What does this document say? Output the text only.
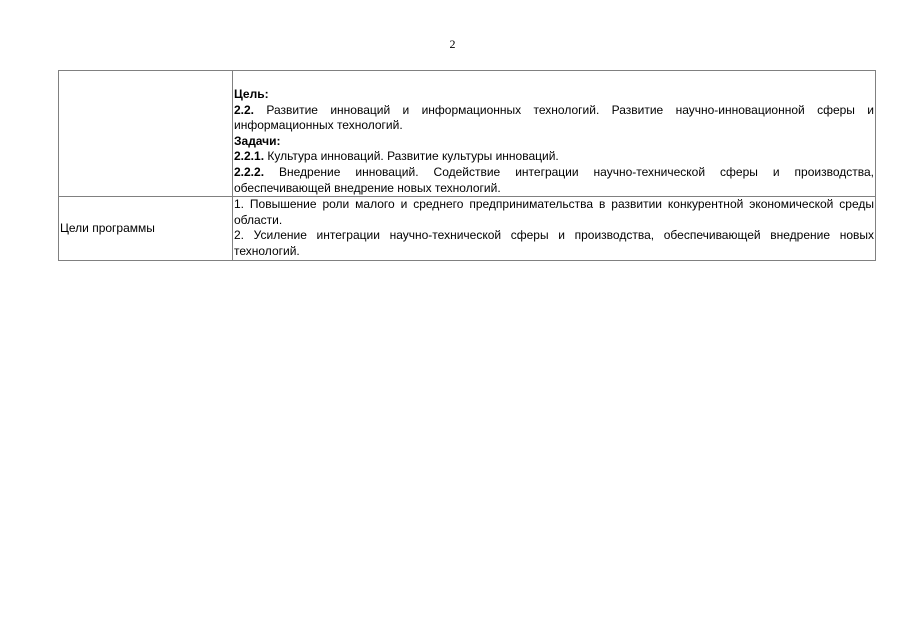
2

	Цель:
2.2. Развитие инноваций и информационных технологий. Развитие научно-инновационной сферы и информационных технологий.
Задачи:
2.2.1. Культура инноваций. Развитие культуры инноваций.
2.2.2. Внедрение инноваций. Содействие интеграции научно-технической сферы и производства, обеспечивающей внедрение новых технологий.

Цели программы	1. Повышение роли малого и среднего предпринимательства в развитии конкурентной экономической среды области.
2. Усиление интеграции научно-технической сферы и производства, обеспечивающей внедрение новых технологий.
